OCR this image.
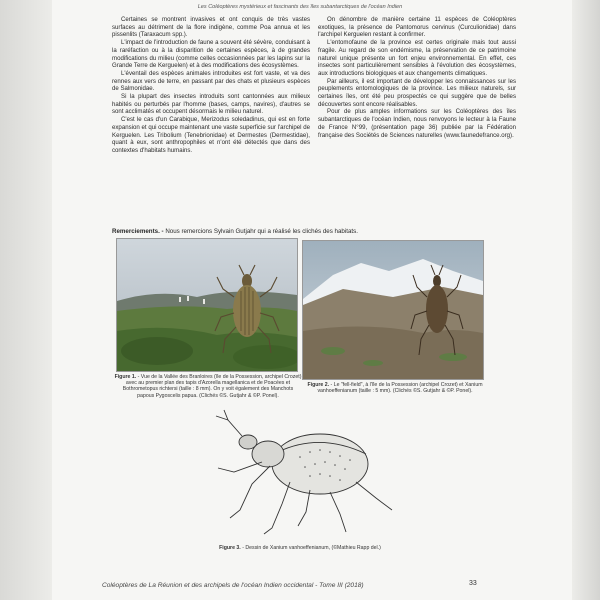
Les Coléoptères mystérieux et fascinants des îles subantarctiques de l'océan Indien

Certaines se montrent invasives et ont conquis de très vastes surfaces au détriment de la flore indigène, comme Poa annua et les pissenlits (Taraxacum spp.).

L'impact de l'introduction de faune a souvent été sévère, conduisant à la raréfaction ou à la disparition de certaines espèces, à de grandes modifications du milieu (comme celles occasionnées par les lapins sur la Grande Terre de Kerguelen) et à des modifications des écosystèmes.

L'éventail des espèces animales introduites est fort vaste, et va des rennes aux vers de terre, en passant par des chats et plusieurs espèces de Salmonidae.

Si la plupart des insectes introduits sont cantonnées aux milieux habités ou perturbés par l'homme (bases, camps, navires), d'autres se sont acclimatés et occupent désormais le milieu naturel.

C'est le cas d'un Carabique, Merizodus soledadinus, qui est en forte expansion et qui occupe maintenant une vaste superficie sur l'archipel de Kerguelen. Les Tribolium (Tenebrionidae) et Dermestes (Dermestidae), quant à eux, sont anthropophiles et n'ont été détectés que dans des contextes d'habitats humains.

On dénombre de manière certaine 11 espèces de Coléoptères exotiques, la présence de Pantomorus cervinus (Curculionidae) dans l'archipel Kerguelen restant à confirmer.

L'entomofaune de la province est certes originale mais tout aussi fragile. Au regard de son endémisme, la préservation de ce patrimoine naturel unique présente un fort enjeu environnemental. En effet, ces insectes sont particulièrement sensibles à l'évolution des écosystèmes, aux introductions biologiques et aux changements climatiques.

Par ailleurs, il est important de développer les connaissances sur les peuplements entomologiques de la province. Les milieux naturels, sur certaines îles, ont été peu prospectés ce qui suggère que de belles découvertes sont encore réalisables.

Pour de plus amples informations sur les Coléoptères des îles subantarctiques de l'océan Indien, nous renvoyons le lecteur à la Faune de France N°99, (présentation page 36) publiée par la Fédération française des Sociétés de Sciences naturelles (www.faunedefrance.org).

Remerciements. - Nous remercions Sylvain Gutjahr qui a réalisé les clichés des habitats.
Figure 1. - Vue de la Vallée des Branloires (île de la Possession, archipel Crozet) avec au premier plan des tapis d'Azorella magellanica et de Poacées et Bothrometopus richtersi (taille : 8 mm). On y voit également des Manchots papous Pygoscelis papua. (Clichés ©S. Gutjahr & ©P. Ponel).
Figure 2. - Le "fell-field", à l'île de la Possession (archipel Crozet) et Xanium vanhoeffenianum (taille : 5 mm). (Clichés ©S. Gutjahr & ©P. Ponel).
Figure 3. - Dessin de Xanium vanhoeffenianum, (©Mathieu Rapp del.)
Coléoptères de La Réunion et des archipels de l'océan Indien occidental - Tome III (2018)	33
